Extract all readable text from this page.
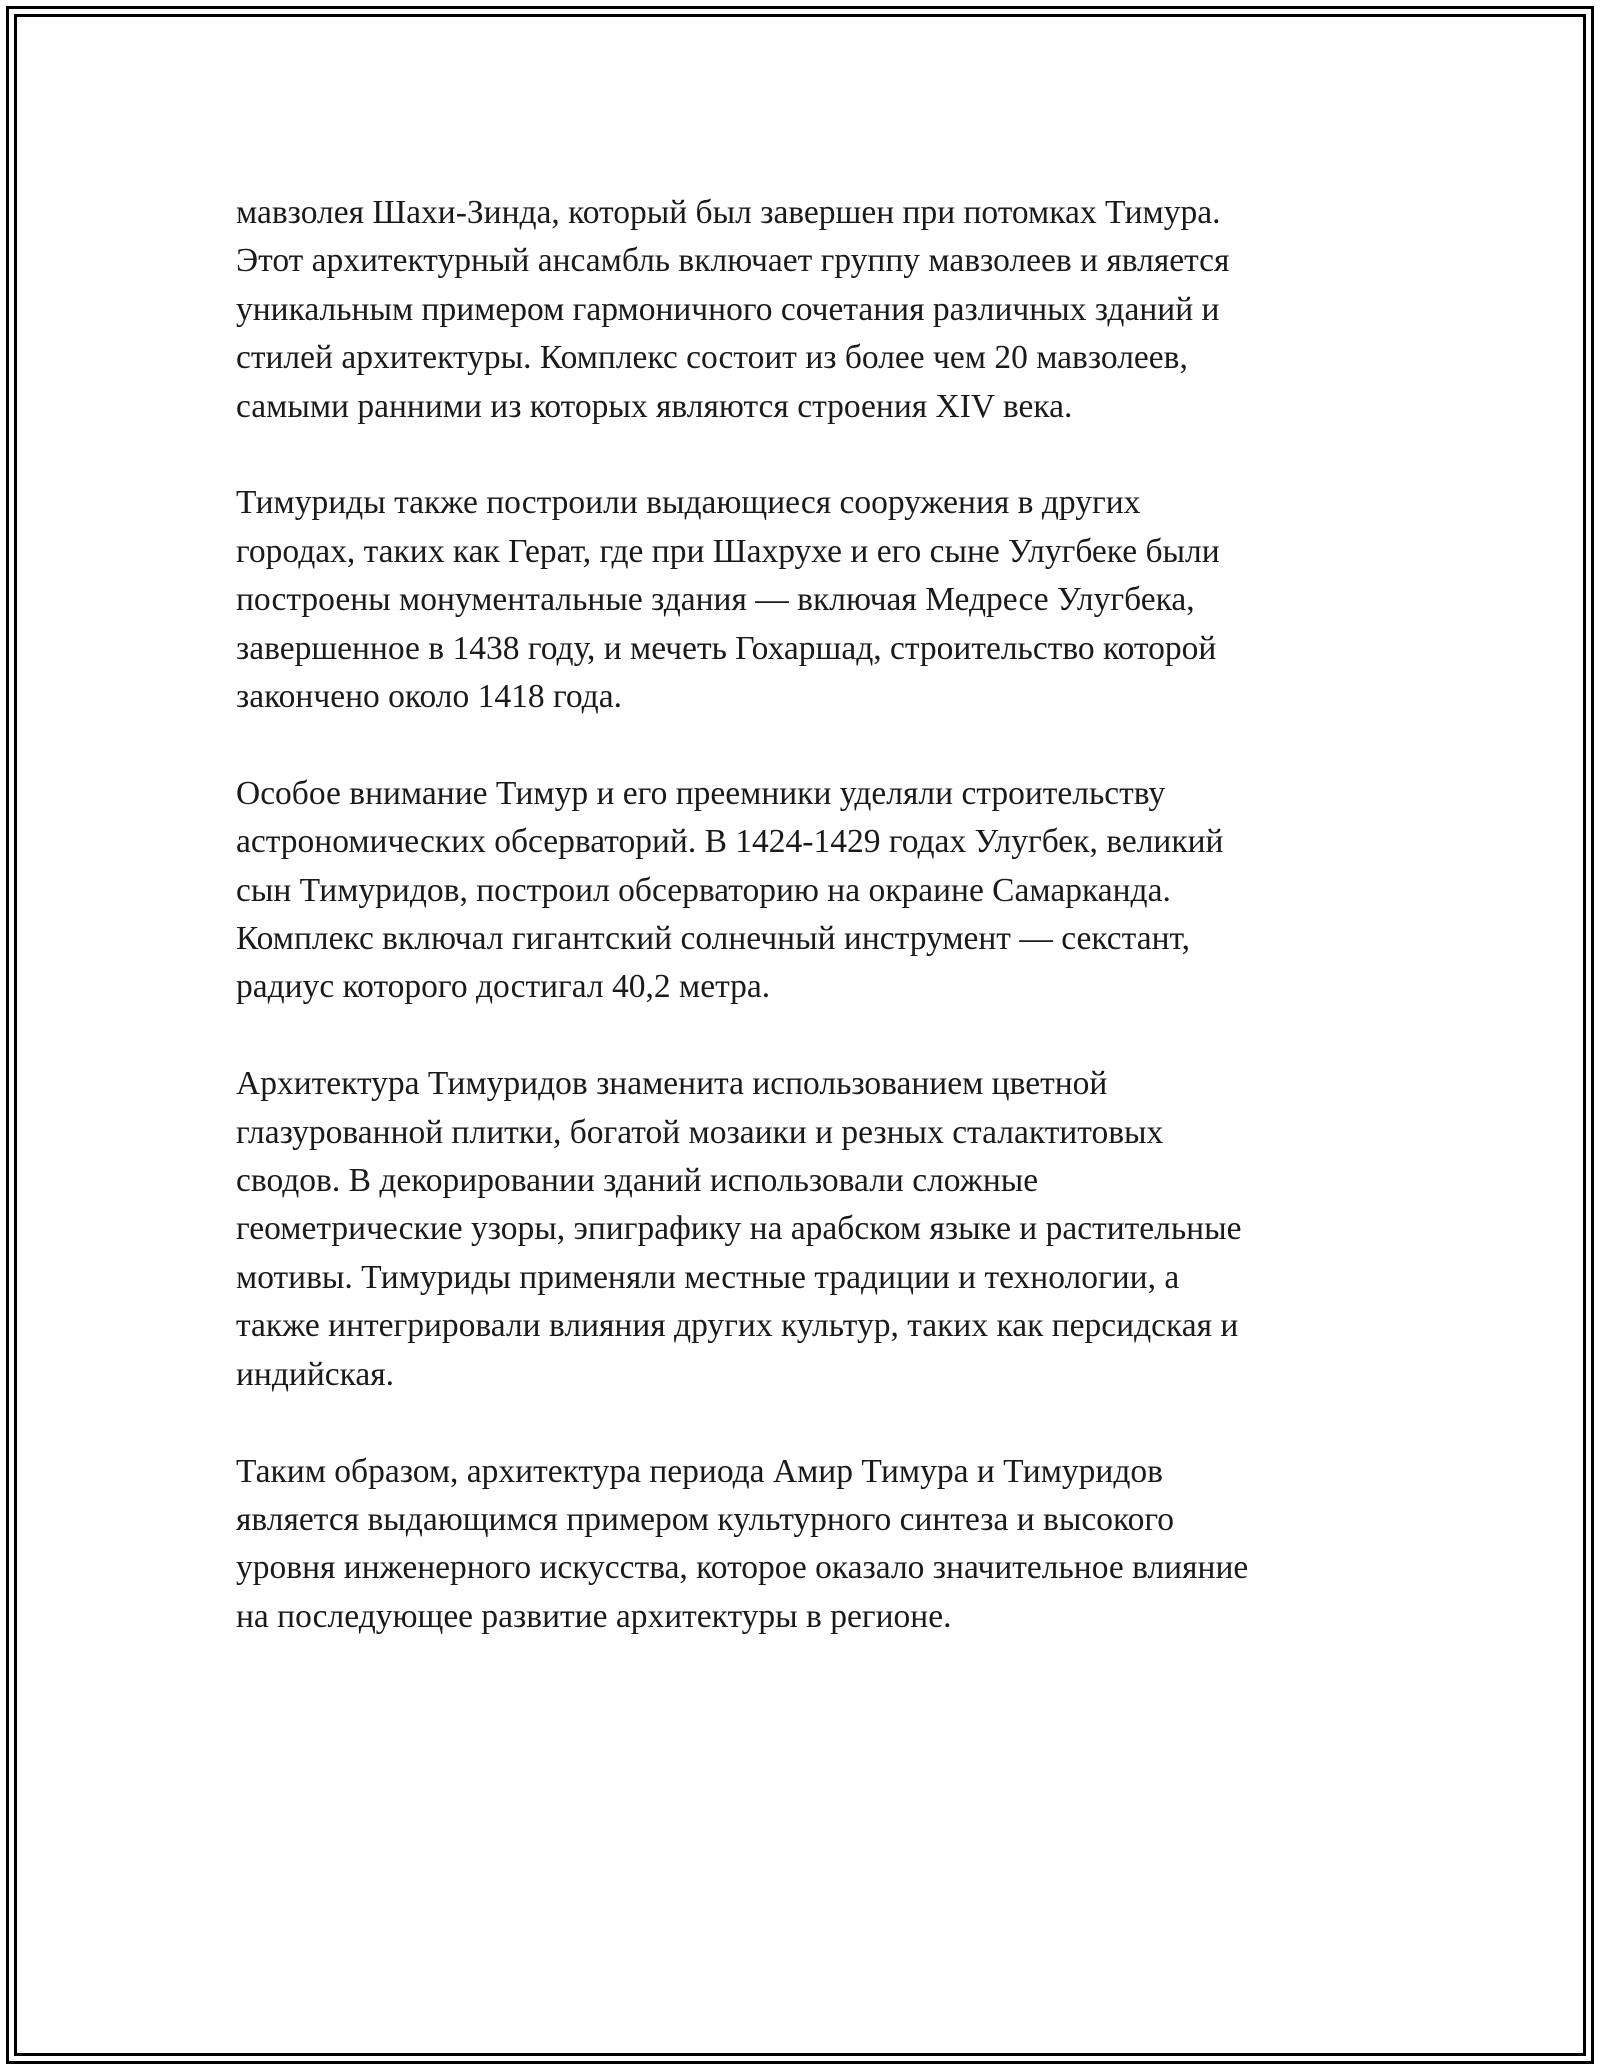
мавзолея Шахи-Зинда, который был завершен при потомках Тимура.
Этот архитектурный ансамбль включает группу мавзолеев и является
уникальным примером гармоничного сочетания различных зданий и
стилей архитектуры. Комплекс состоит из более чем 20 мавзолеев,
самыми ранними из которых являются строения XIV века.

Тимуриды также построили выдающиеся сооружения в других
городах, таких как Герат, где при Шахрухе и его сыне Улугбеке были
построены монументальные здания — включая Медресе Улугбека,
завершенное в 1438 году, и мечеть Гохаршад, строительство которой
закончено около 1418 года.

Особое внимание Тимур и его преемники уделяли строительству
астрономических обсерваторий. В 1424-1429 годах Улугбек, великий
сын Тимуридов, построил обсерваторию на окраине Самарканда.
Комплекс включал гигантский солнечный инструмент — секстант,
радиус которого достигал 40,2 метра.

Архитектура Тимуридов знаменита использованием цветной
глазурованной плитки, богатой мозаики и резных сталактитовых
сводов. В декорировании зданий использовали сложные
геометрические узоры, эпиграфику на арабском языке и растительные
мотивы. Тимуриды применяли местные традиции и технологии, а
также интегрировали влияния других культур, таких как персидская и
индийская.

Таким образом, архитектура периода Амир Тимура и Тимуридов
является выдающимся примером культурного синтеза и высокого
уровня инженерного искусства, которое оказало значительное влияние
на последующее развитие архитектуры в регионе.
